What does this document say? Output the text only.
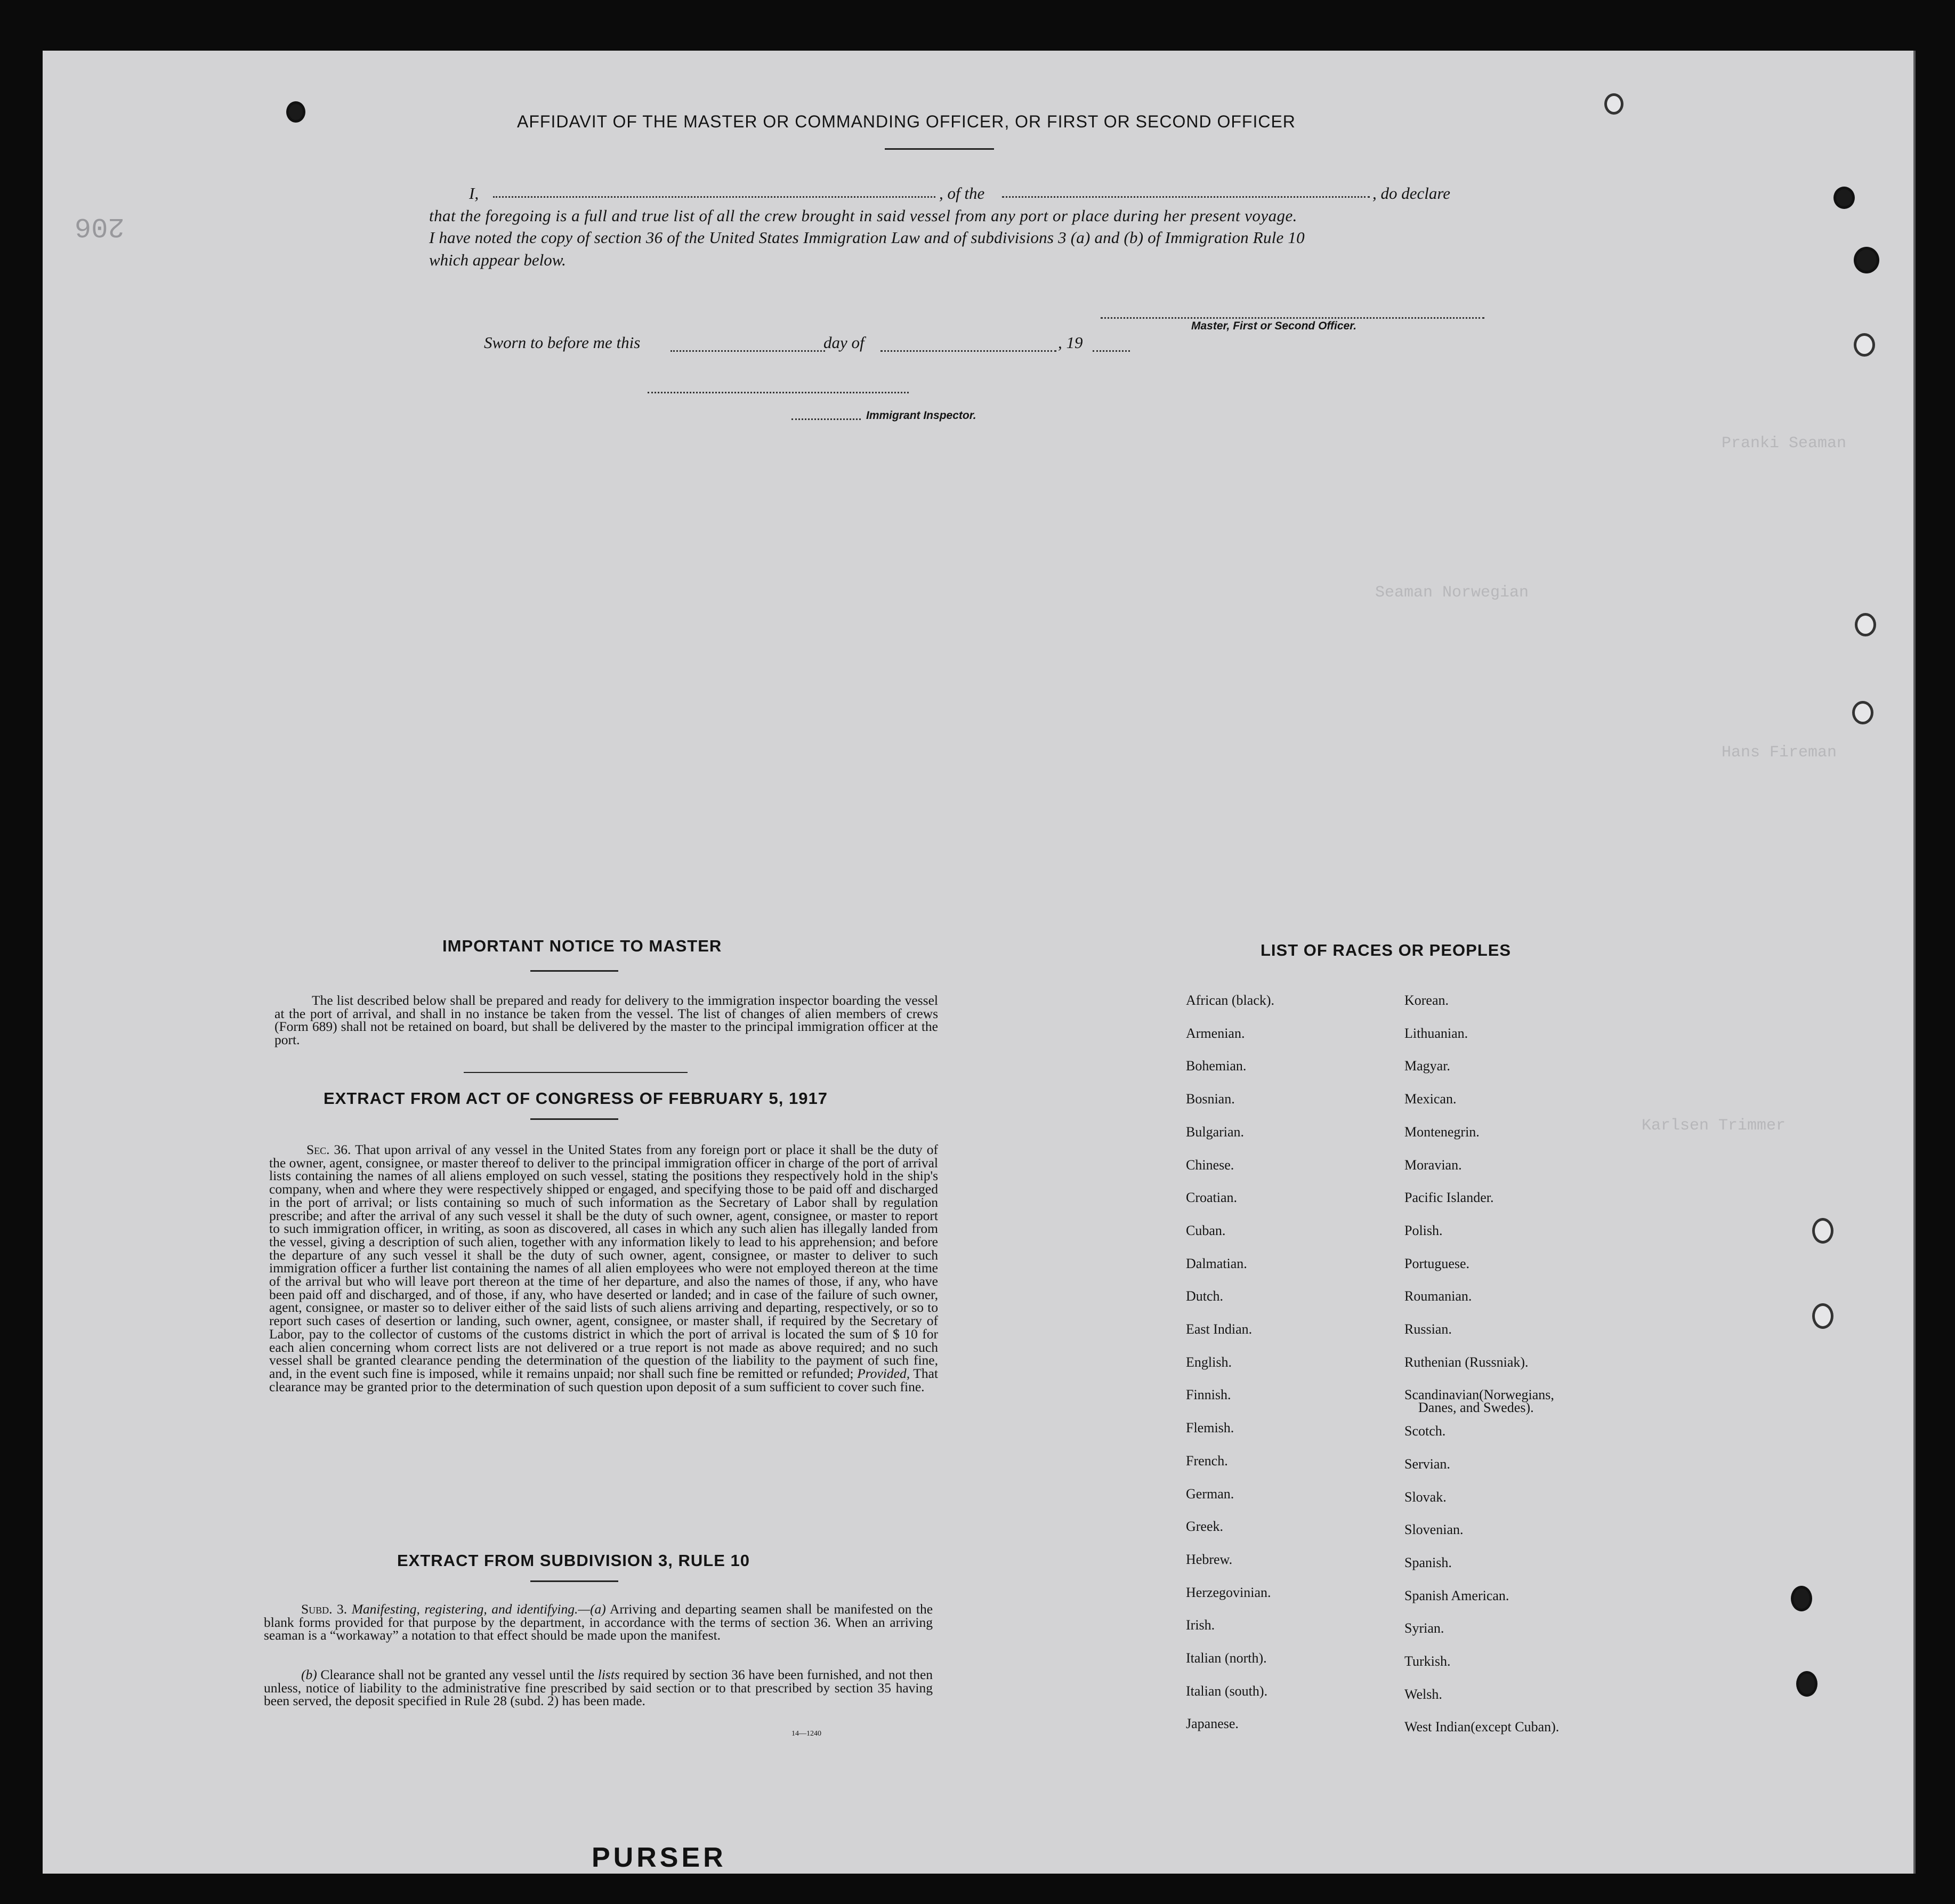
Pranki Seaman
Hans Fireman
Karlsen Trimmer
Seaman Norwegian
206
AFFIDAVIT OF THE MASTER OR COMMANDING OFFICER, OR FIRST OR SECOND OFFICER
I,	, of the	, do declare
that the foregoing is a full and true list of all the crew brought in said vessel from any port or place during her present voyage.
I have noted the copy of section 36 of the United States Immigration Law and of subdivisions 3 (a) and (b) of Immigration Rule 10
which appear below.
Master, First or Second Officer.
Sworn to before me this	day of	, 19
Immigrant Inspector.
IMPORTANT NOTICE TO MASTER

The list described below shall be prepared and ready for delivery to the immigration inspector boarding the vessel at the port of arrival, and shall in no instance be taken from the vessel. The list of changes of alien members of crews (Form 689) shall not be retained on board, but shall be delivered by the master to the principal immigration officer at the port.

EXTRACT FROM ACT OF CONGRESS OF FEBRUARY 5, 1917

Sec. 36. That upon arrival of any vessel in the United States from any foreign port or place it shall be the duty of the owner, agent, consignee, or master thereof to deliver to the principal immigration officer in charge of the port of arrival lists containing the names of all aliens employed on such vessel, stating the positions they respectively hold in the ship's company, when and where they were respectively shipped or engaged, and specifying those to be paid off and discharged in the port of arrival; or lists containing so much of such information as the Secretary of Labor shall by regulation prescribe; and after the arrival of any such vessel it shall be the duty of such owner, agent, consignee, or master to report to such immigration officer, in writing, as soon as discovered, all cases in which any such alien has illegally landed from the vessel, giving a description of such alien, together with any information likely to lead to his apprehension; and before the departure of any such vessel it shall be the duty of such owner, agent, consignee, or master to deliver to such immigration officer a further list containing the names of all alien employees who were not employed thereon at the time of the arrival but who will leave port thereon at the time of her departure, and also the names of those, if any, who have been paid off and discharged, and of those, if any, who have deserted or landed; and in case of the failure of such owner, agent, consignee, or master so to deliver either of the said lists of such aliens arriving and departing, respectively, or so to report such cases of desertion or landing, such owner, agent, consignee, or master shall, if required by the Secretary of Labor, pay to the collector of customs of the customs district in which the port of arrival is located the sum of $ 10 for each alien concerning whom correct lists are not delivered or a true report is not made as above required; and no such vessel shall be granted clearance pending the determination of the question of the liability to the payment of such fine, and, in the event such fine is imposed, while it remains unpaid; nor shall such fine be remitted or refunded; Provided, That clearance may be granted prior to the determination of such question upon deposit of a sum sufficient to cover such fine.

EXTRACT FROM SUBDIVISION 3, RULE 10

Subd. 3. Manifesting, registering, and identifying.—(a) Arriving and departing seamen shall be manifested on the blank forms provided for that purpose by the department, in accordance with the terms of section 36. When an arriving seaman is a “workaway” a notation to that effect should be made upon the manifest.

(b) Clearance shall not be granted any vessel until the lists required by section 36 have been furnished, and not then unless, notice of liability to the administrative fine prescribed by said section or to that prescribed by section 35 having been served, the deposit specified in Rule 28 (subd. 2) has been made.

14—1240
LIST OF RACES OR PEOPLES
PURSER
African (black).
Armenian.
Bohemian.
Bosnian.
Bulgarian.
Chinese.
Croatian.
Cuban.
Dalmatian.
Dutch.
East Indian.
English.
Finnish.
Flemish.
French.
German.
Greek.
Hebrew.
Herzegovinian.
Irish.
Italian (north).
Italian (south).
Japanese.
Korean.
Lithuanian.
Magyar.
Mexican.
Montenegrin.
Moravian.
Pacific Islander.
Polish.
Portuguese.
Roumanian.
Russian.
Ruthenian (Russniak).
Scandinavian(Norwegians,
Danes, and Swedes).
Scotch.
Servian.
Slovak.
Slovenian.
Spanish.
Spanish American.
Syrian.
Turkish.
Welsh.
West Indian(except Cuban).
